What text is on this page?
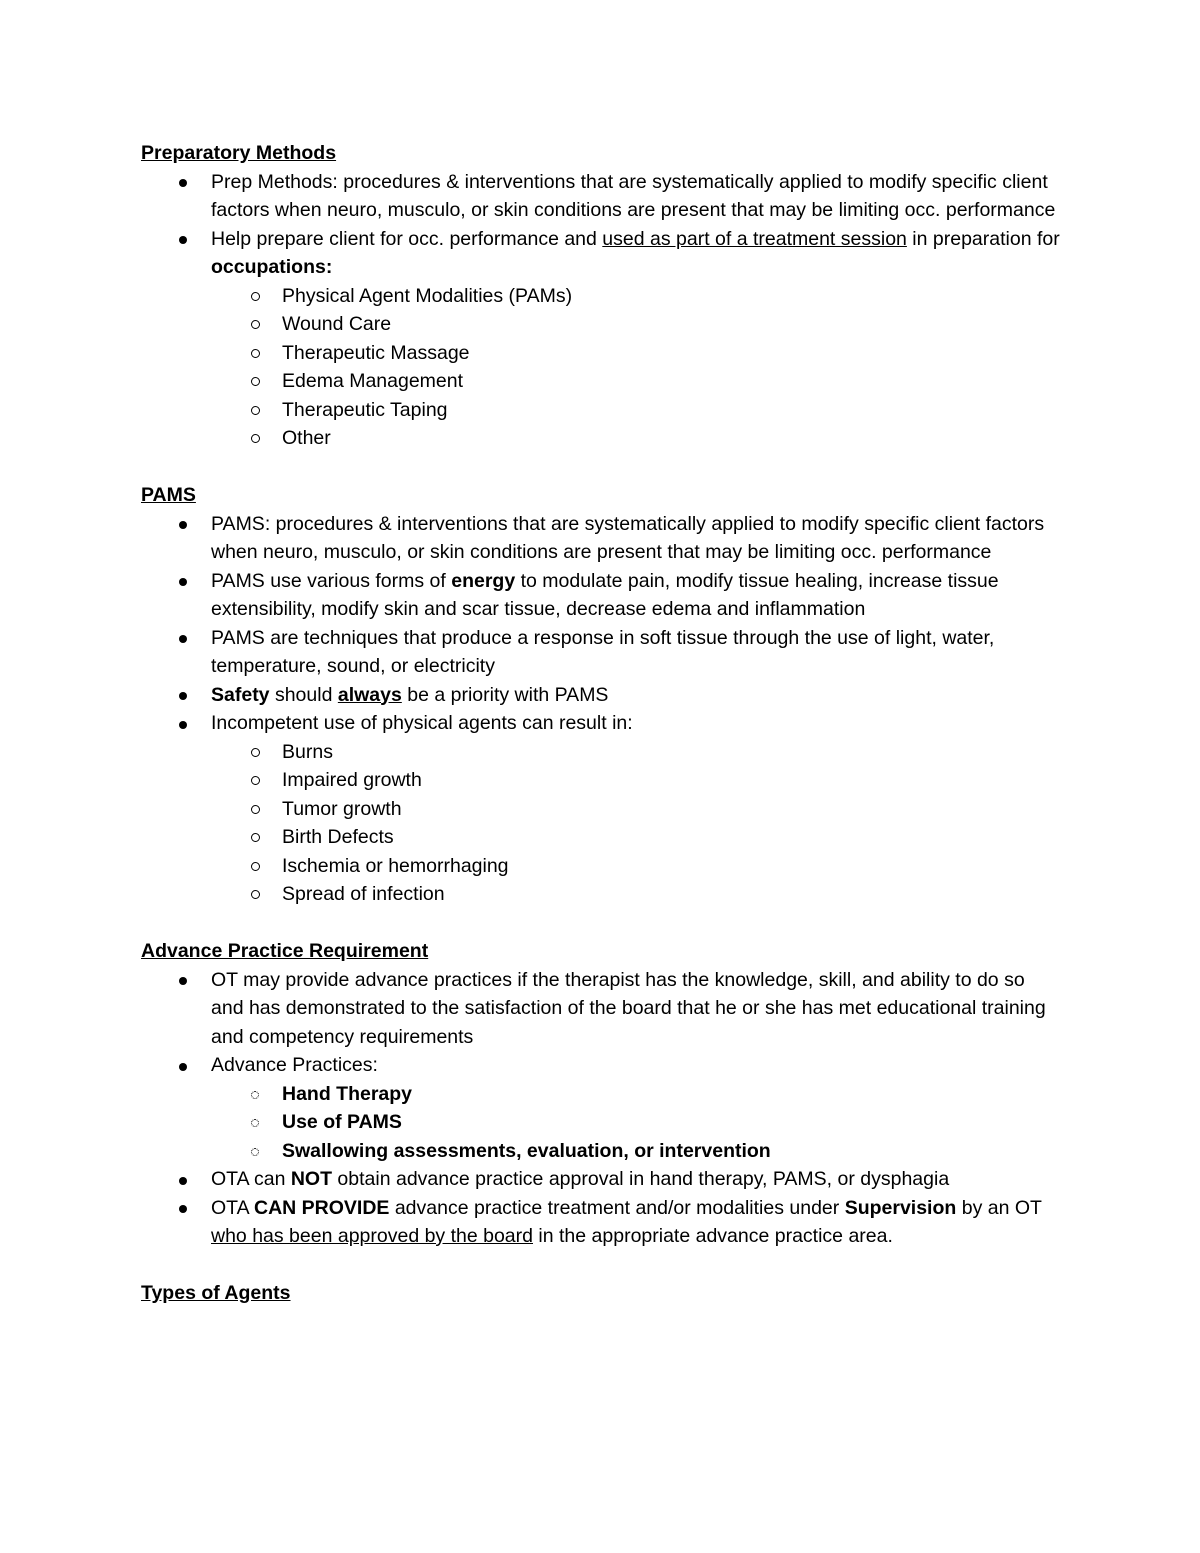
Preparatory Methods

Prep Methods: procedures & interventions that are systematically applied to modify specific client factors when neuro, musculo, or skin conditions are present that may be limiting occ. performance
Help prepare client for occ. performance and used as part of a treatment session in preparation for occupations:
Physical Agent Modalities (PAMs)
Wound Care
Therapeutic Massage
Edema Management
Therapeutic Taping
Other

PAMS

PAMS: procedures & interventions that are systematically applied to modify specific client factors when neuro, musculo, or skin conditions are present that may be limiting occ. performance
PAMS use various forms of energy to modulate pain, modify tissue healing, increase tissue extensibility, modify skin and scar tissue, decrease edema and inflammation
PAMS are techniques that produce a response in soft tissue through the use of light, water, temperature, sound, or electricity
Safety should always be a priority with PAMS
Incompetent use of physical agents can result in:
Burns
Impaired growth
Tumor growth
Birth Defects
Ischemia or hemorrhaging
Spread of infection

Advance Practice Requirement

OT may provide advance practices if the therapist has the knowledge, skill, and ability to do so and has demonstrated to the satisfaction of the board that he or she has met educational training and competency requirements
Advance Practices:
Hand Therapy
Use of PAMS
Swallowing assessments, evaluation, or intervention
OTA can NOT obtain advance practice approval in hand therapy, PAMS, or dysphagia
OTA CAN PROVIDE advance practice treatment and/or modalities under Supervision by an OT who has been approved by the board in the appropriate advance practice area.

Types of Agents
